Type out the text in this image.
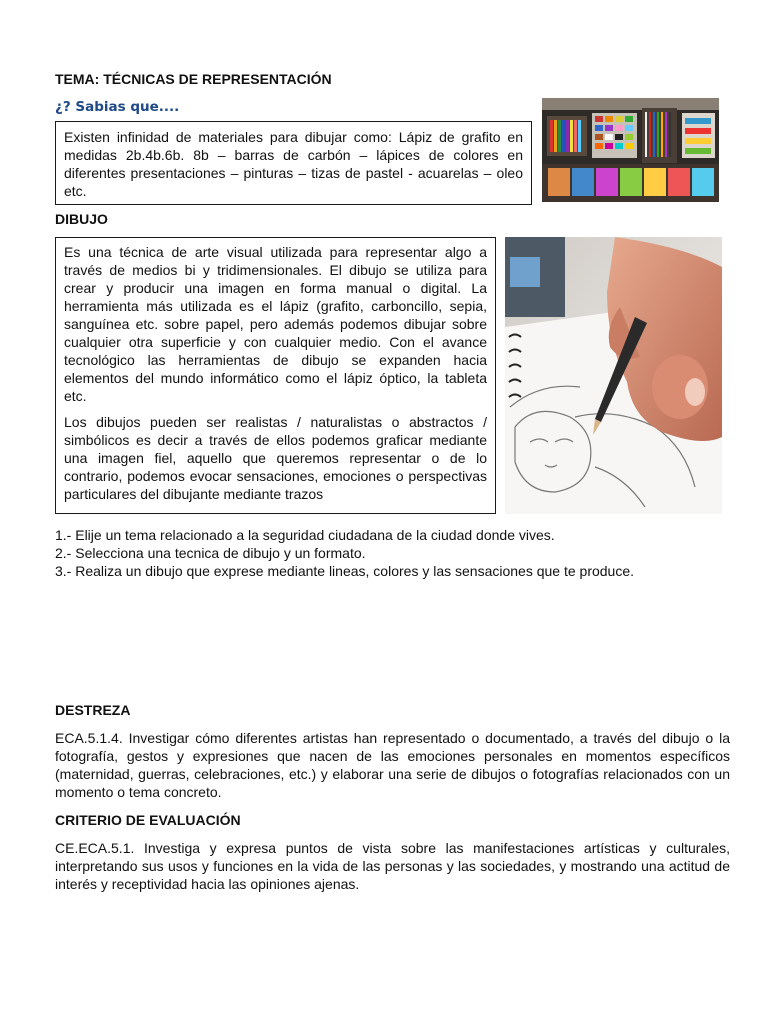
TEMA: TÉCNICAS DE REPRESENTACIÓN
¿? Sabias que....

Existen infinidad de materiales para dibujar como: Lápiz de grafito en medidas 2b.4b.6b. 8b – barras de carbón – lápices de colores en diferentes presentaciones – pinturas – tizas de pastel - acuarelas – oleo etc.

DIBUJO

Es una técnica de arte visual utilizada para representar algo a través de medios bi y tridimensionales. El dibujo se utiliza para crear y producir una imagen en forma manual o digital. La herramienta más utilizada es el lápiz (grafito, carboncillo, sepia, sanguínea etc. sobre papel, pero además podemos dibujar sobre cualquier otra superficie y con cualquier medio. Con el avance tecnológico las herramientas de dibujo se expanden hacia elementos del mundo informático como el lápiz óptico, la tableta etc.

Los dibujos pueden ser realistas / naturalistas o abstractos / simbólicos es decir a través de ellos podemos graficar mediante una imagen fiel, aquello que queremos representar o de lo contrario, podemos evocar sensaciones, emociones o perspectivas particulares del dibujante mediante trazos

1.- Elije un tema relacionado a la seguridad ciudadana de la ciudad donde vives.
2.- Selecciona una tecnica de dibujo y un formato.
3.- Realiza un dibujo que exprese mediante lineas, colores y las sensaciones que te produce.
DESTREZA
ECA.5.1.4. Investigar cómo diferentes artistas han representado o documentado, a través del dibujo o la fotografía, gestos y expresiones que nacen de las emociones personales en momentos específicos (maternidad, guerras, celebraciones, etc.) y elaborar una serie de dibujos o fotografías relacionados con un momento o tema concreto.
CRITERIO DE EVALUACIÓN
CE.ECA.5.1. Investiga y expresa puntos de vista sobre las manifestaciones artísticas y culturales, interpretando sus usos y funciones en la vida de las personas y las sociedades, y mostrando una actitud de interés y receptividad hacia las opiniones ajenas.
